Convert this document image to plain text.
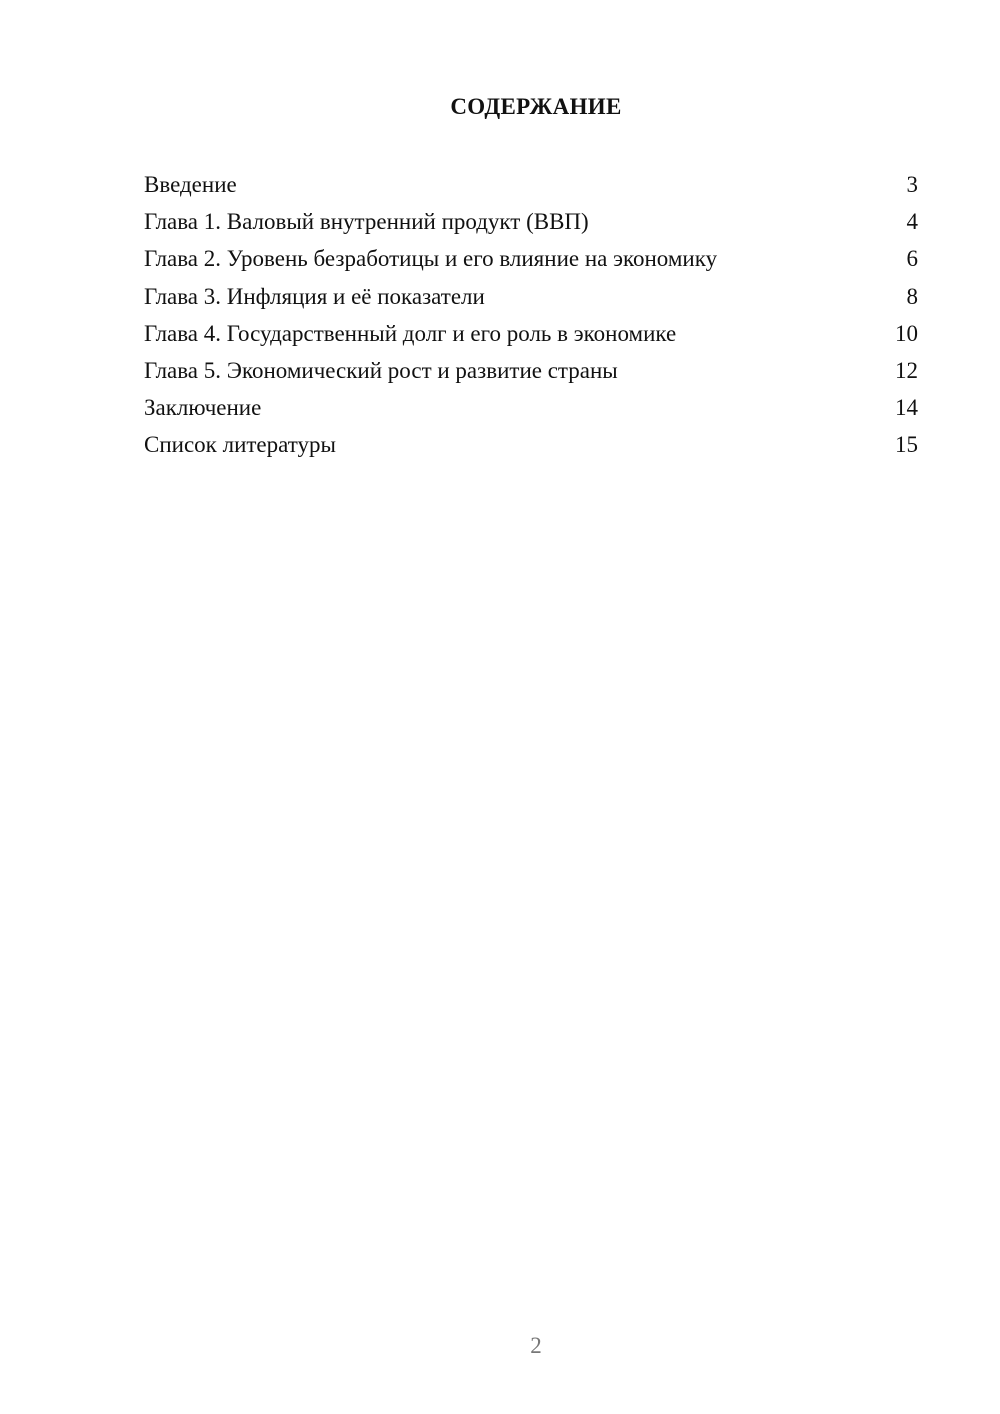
СОДЕРЖАНИЕ
Введение	3
Глава 1. Валовый внутренний продукт (ВВП)	4
Глава 2. Уровень безработицы и его влияние на экономику	6
Глава 3. Инфляция и её показатели	8
Глава 4. Государственный долг и его роль в экономике	10
Глава 5. Экономический рост и развитие страны	12
Заключение	14
Список литературы	15
2
